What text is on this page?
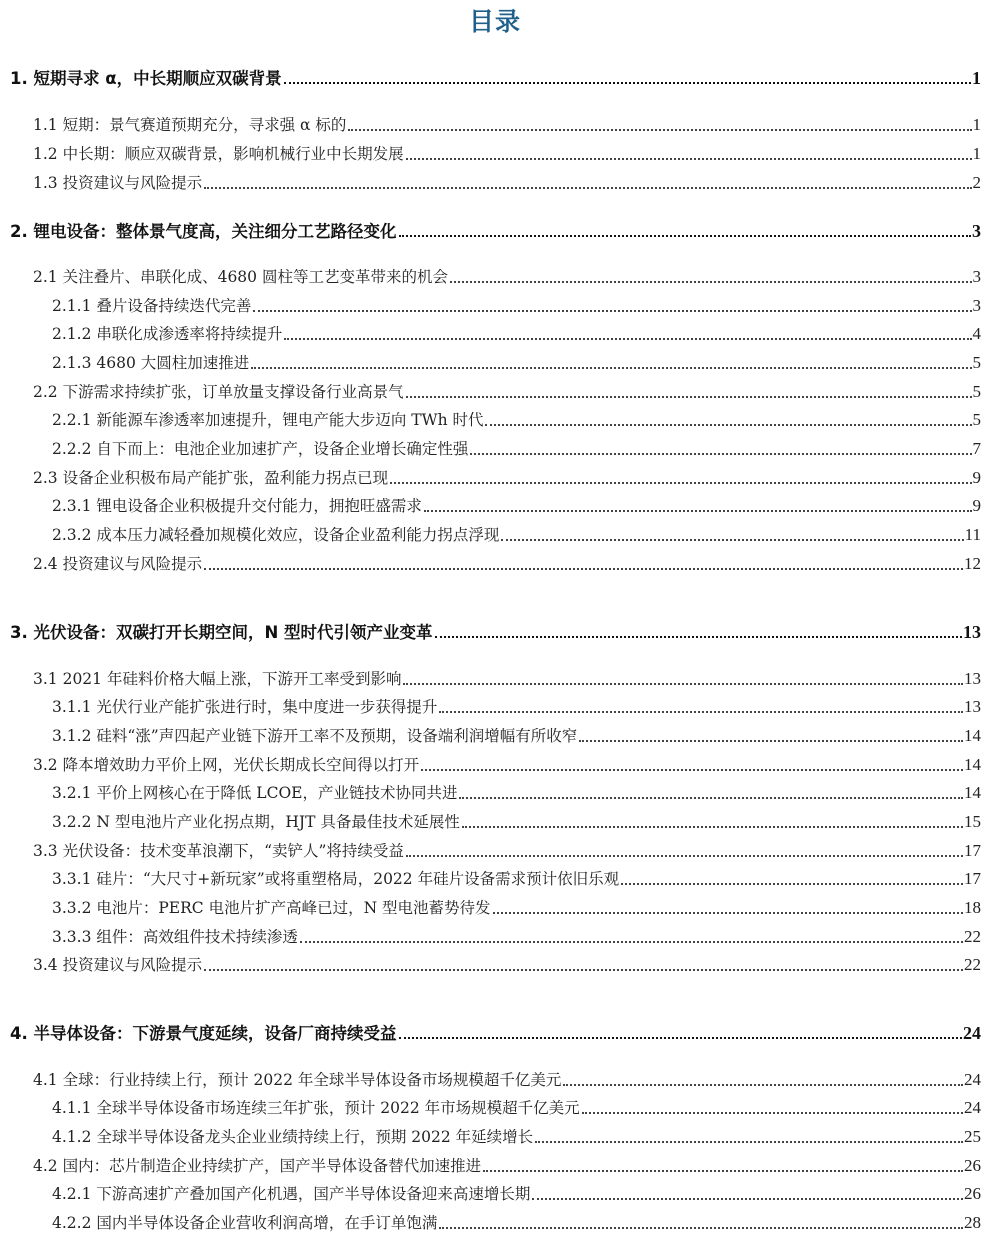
目录
1. 短期寻求 α，中长期顺应双碳背景	1
1.1 短期：景气赛道预期充分，寻求强 α 标的	1
1.2 中长期：顺应双碳背景，影响机械行业中长期发展	1
1.3 投资建议与风险提示	2
2. 锂电设备：整体景气度高，关注细分工艺路径变化	3
2.1 关注叠片、串联化成、4680 圆柱等工艺变革带来的机会	3
2.1.1 叠片设备持续迭代完善	3
2.1.2 串联化成渗透率将持续提升	4
2.1.3 4680 大圆柱加速推进	5
2.2 下游需求持续扩张，订单放量支撑设备行业高景气	5
2.2.1 新能源车渗透率加速提升，锂电产能大步迈向 TWh 时代	5
2.2.2 自下而上：电池企业加速扩产，设备企业增长确定性强	7
2.3 设备企业积极布局产能扩张，盈利能力拐点已现	9
2.3.1 锂电设备企业积极提升交付能力，拥抱旺盛需求	9
2.3.2 成本压力减轻叠加规模化效应，设备企业盈利能力拐点浮现	11
2.4 投资建议与风险提示	12
3. 光伏设备：双碳打开长期空间，N 型时代引领产业变革	13
3.1 2021 年硅料价格大幅上涨，下游开工率受到影响	13
3.1.1 光伏行业产能扩张进行时，集中度进一步获得提升	13
3.1.2 硅料“涨”声四起产业链下游开工率不及预期，设备端利润增幅有所收窄	14
3.2 降本增效助力平价上网，光伏长期成长空间得以打开	14
3.2.1 平价上网核心在于降低 LCOE，产业链技术协同共进	14
3.2.2 N 型电池片产业化拐点期，HJT 具备最佳技术延展性	15
3.3 光伏设备：技术变革浪潮下，“卖铲人”将持续受益	17
3.3.1 硅片：“大尺寸+新玩家”或将重塑格局，2022 年硅片设备需求预计依旧乐观	17
3.3.2 电池片：PERC 电池片扩产高峰已过，N 型电池蓄势待发	18
3.3.3 组件：高效组件技术持续渗透	22
3.4 投资建议与风险提示	22
4. 半导体设备：下游景气度延续，设备厂商持续受益	24
4.1 全球：行业持续上行，预计 2022 年全球半导体设备市场规模超千亿美元	24
4.1.1 全球半导体设备市场连续三年扩张，预计 2022 年市场规模超千亿美元	24
4.1.2 全球半导体设备龙头企业业绩持续上行，预期 2022 年延续增长	25
4.2 国内：芯片制造企业持续扩产，国产半导体设备替代加速推进	26
4.2.1 下游高速扩产叠加国产化机遇，国产半导体设备迎来高速增长期	26
4.2.2 国内半导体设备企业营收利润高增，在手订单饱满	28
